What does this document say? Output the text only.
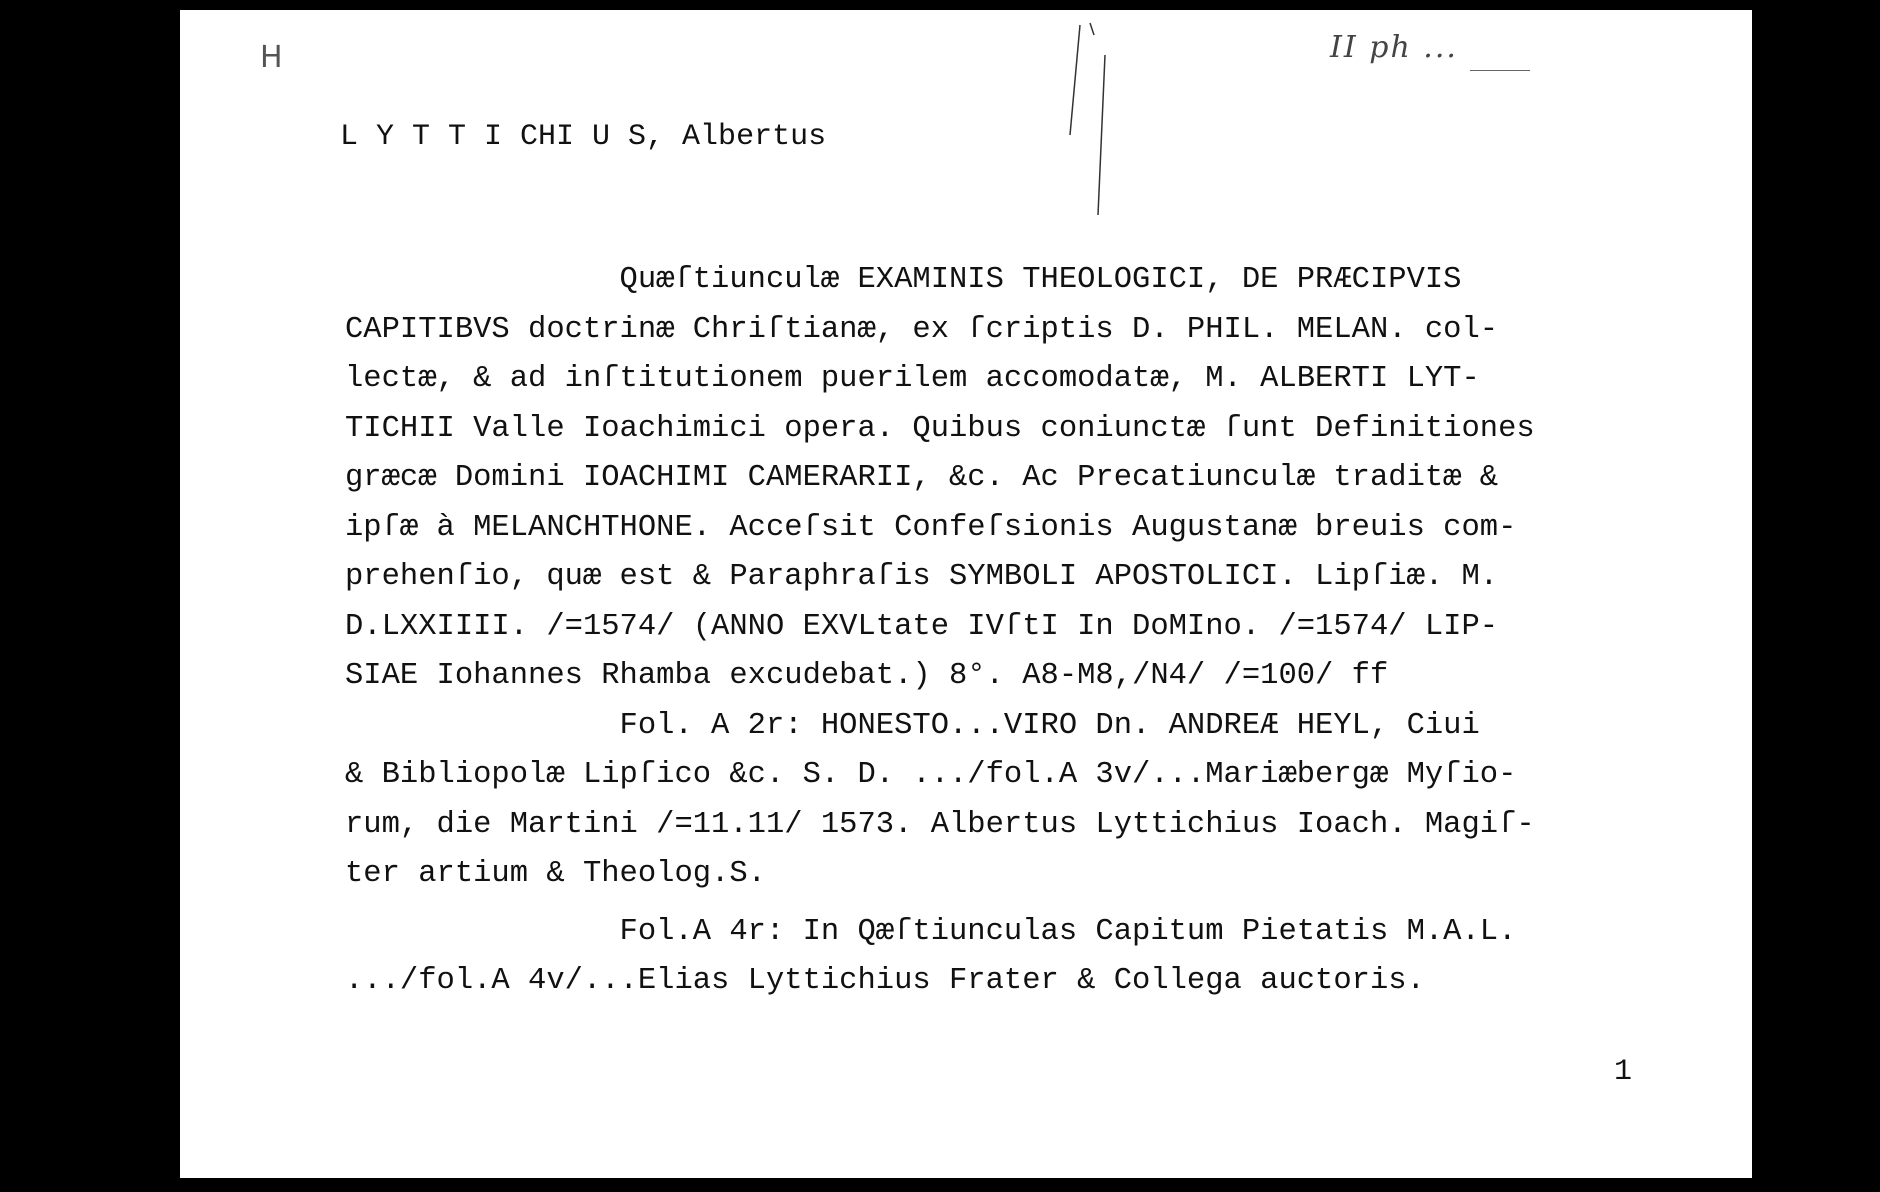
H	II ph ...
L Y T T I CHI U S, Albertus
Quæſtiunculæ EXAMINIS THEOLOGICI, DE PRÆCIPVIS
CAPITIBVS doctrinæ Chriſtianæ, ex ſcriptis D. PHIL. MELAN. col-
lectæ, & ad inſtitutionem puerilem accomodatæ, M. ALBERTI LYT-
TICHII Valle Ioachimici opera. Quibus coniunctæ ſunt Definitiones
græcæ Domini IOACHIMI CAMERARII, &c. Ac Precatiunculæ traditæ &
ipſæ à MELANCHTHONE. Acceſsit Confeſsionis Augustanæ breuis com-
prehenſio, quæ est & Paraphraſis SYMBOLI APOSTOLICI. Lipſiæ. M.
D.LXXIIII. /=1574/ (ANNO EXVLtate IVſtI In DoMIno. /=1574/ LIP-
SIAE Iohannes Rhamba excudebat.) 8°. A8-M8,/N4/ /=100/ ff
Fol. A 2r: HONESTO...VIRO Dn. ANDREÆ HEYL, Ciui
& Bibliopolæ Lipſico &c. S. D. .../fol.A 3v/...Mariæbergæ Myſio-
rum, die Martini /=11.11/ 1573. Albertus Lyttichius Ioach. Magiſ-
ter artium & Theolog.S.
Fol.A 4r: In Qæſtiunculas Capitum Pietatis M.A.L.
.../fol.A 4v/...Elias Lyttichius Frater & Collega auctoris.
1
